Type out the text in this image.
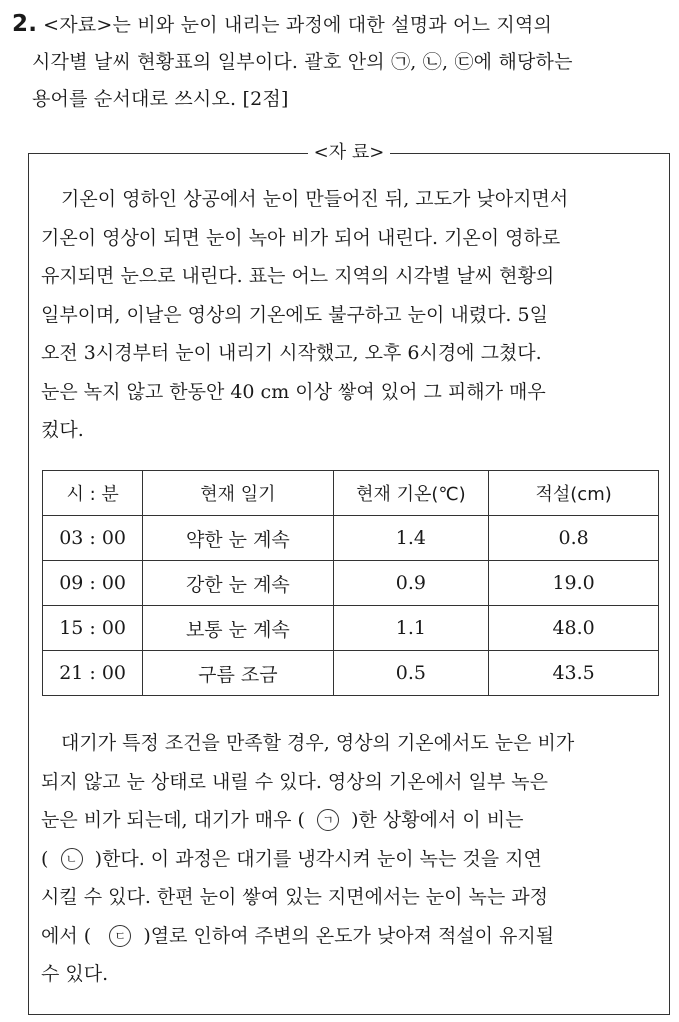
2. <자료>는 비와 눈이 내리는 과정에 대한 설명과 어느 지역의
시각별 날씨 현황표의 일부이다. 괄호 안의 ㉠, ㉡, ㉢에 해당하는
용어를 순서대로 쓰시오. [2점]
<자 료>
기온이 영하인 상공에서 눈이 만들어진 뒤, 고도가 낮아지면서
기온이 영상이 되면 눈이 녹아 비가 되어 내린다. 기온이 영하로
유지되면 눈으로 내린다. 표는 어느 지역의 시각별 날씨 현황의
일부이며, 이날은 영상의 기온에도 불구하고 눈이 내렸다. 5일
오전 3시경부터 눈이 내리기 시작했고, 오후 6시경에 그쳤다.
눈은 녹지 않고 한동안 40 cm 이상 쌓여 있어 그 피해가 매우
컸다.
시 : 분	현재 일기	현재 기온(℃)	적설(cm)
03 : 00	약한 눈 계속	1.4	0.8
09 : 00	강한 눈 계속	0.9	19.0
15 : 00	보통 눈 계속	1.1	48.0
21 : 00	구름 조금	0.5	43.5
대기가 특정 조건을 만족할 경우, 영상의 기온에서도 눈은 비가
되지 않고 눈 상태로 내릴 수 있다. 영상의 기온에서 일부 녹은
눈은 비가 되는데, 대기가 매우 ( ㄱ )한 상황에서 이 비는
( ㄴ )한다. 이 과정은 대기를 냉각시켜 눈이 녹는 것을 지연
시킬 수 있다. 한편 눈이 쌓여 있는 지면에서는 눈이 녹는 과정
에서 ( ㄷ )열로 인하여 주변의 온도가 낮아져 적설이 유지될
수 있다.
